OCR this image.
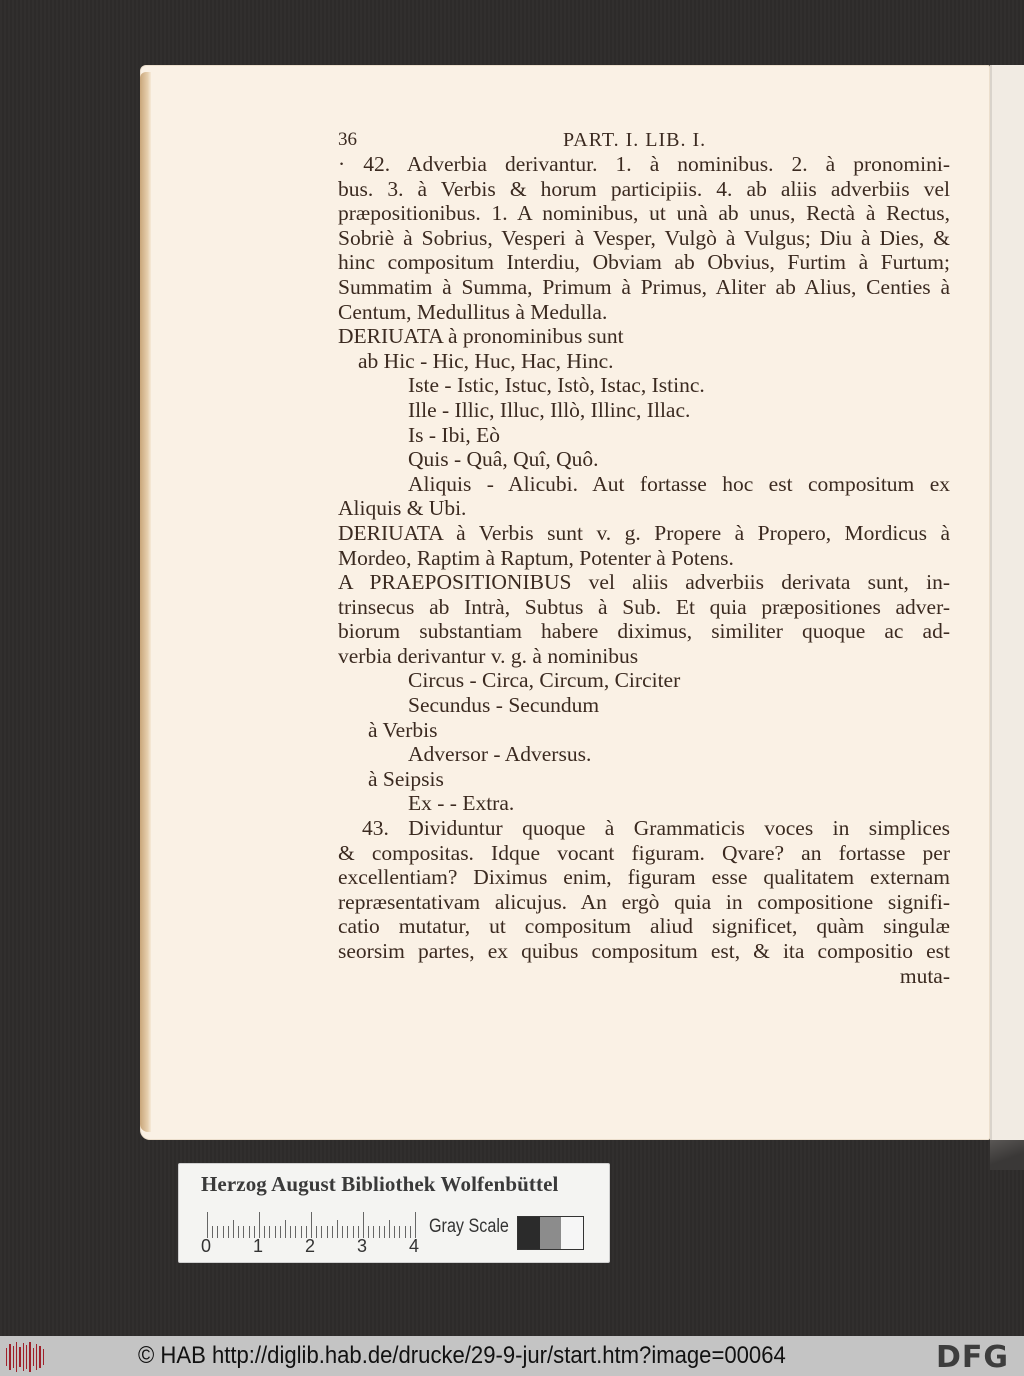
36	PART. I. LIB. I.
· 42. Adverbia derivantur. 1. à nominibus. 2. à pronomini-
bus. 3. à Verbis & horum participiis. 4. ab aliis adverbiis vel
præpositionibus. 1. A nominibus, ut unà ab unus, Rectà à Rectus,
Sobriè à Sobrius, Vesperi à Vesper, Vulgò à Vulgus; Diu à Dies, &
hinc compositum Interdiu, Obviam ab Obvius, Furtim à Furtum;
Summatim à Summa, Primum à Primus, Aliter ab Alius, Centies à
Centum, Medullitus à Medulla.
DERIUATA à pronominibus sunt
ab Hic - Hic, Huc, Hac, Hinc.
Iste - Istic, Istuc, Istò, Istac, Istinc.
Ille - Illic, Illuc, Illò, Illinc, Illac.
Is - Ibi, Eò
Quis - Quâ, Quî, Quô.
Aliquis - Alicubi. Aut fortasse hoc est compositum ex
Aliquis & Ubi.
DERIUATA à Verbis sunt v. g. Propere à Propero, Mordicus à
Mordeo, Raptim à Raptum, Potenter à Potens.
A PRAEPOSITIONIBUS vel aliis adverbiis derivata sunt, in-
trinsecus ab Intrà, Subtus à Sub. Et quia præpositiones adver-
biorum substantiam habere diximus, similiter quoque ac ad-
verbia derivantur v. g. à nominibus
Circus - Circa, Circum, Circiter
Secundus - Secundum
à Verbis
Adversor - Adversus.
à Seipsis
Ex - - Extra.
43. Dividuntur quoque à Grammaticis voces in simplices
& compositas. Idque vocant figuram. Qvare? an fortasse per
excellentiam? Diximus enim, figuram esse qualitatem externam
repræsentativam alicujus. An ergò quia in compositione signifi-
catio mutatur, ut compositum aliud significet, quàm singulæ
seorsim partes, ex quibus compositum est, & ita compositio est
muta-
Herzog August Bibliothek Wolfenbüttel
0 1 2 3 4
Gray Scale
© HAB http://diglib.hab.de/drucke/29-9-jur/start.htm?image=00064	DFG
